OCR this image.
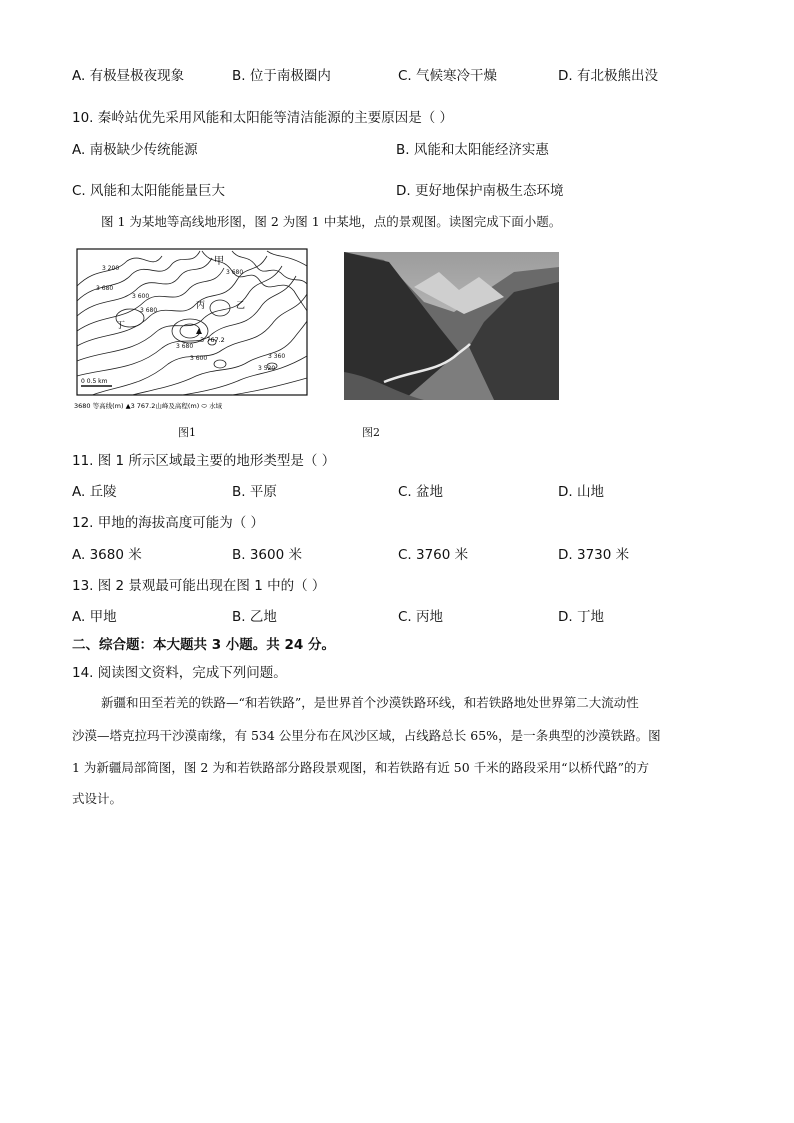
A. 有极昼极夜现象	B. 位于南极圈内	C. 气候寒冷干燥	D. 有北极熊出没
10. 秦岭站优先采用风能和太阳能等清洁能源的主要原因是（ ）
A. 南极缺少传统能源	B. 风能和太阳能经济实惠
C. 风能和太阳能能量巨大	D. 更好地保护南极生态环境
图 1 为某地等高线地形图，图 2 为图 1 中某地，点的景观图。读图完成下面小题。
甲
乙
丙
丁
3 200
3 680
3 600
3 680
3 680
3 600
3 680
3 520
3 360
3 767.2
0 0.5 km
3680 等高线(m) ▲3 767.2山峰及高程(m) ⬭ 水域
图1	图2
11. 图 1 所示区域最主要的地形类型是（ ）
A. 丘陵	B. 平原	C. 盆地	D. 山地
12. 甲地的海拔高度可能为（ ）
A. 3680 米	B. 3600 米	C. 3760 米	D. 3730 米
13. 图 2 景观最可能出现在图 1 中的（ ）
A. 甲地	B. 乙地	C. 丙地	D. 丁地
二、综合题：本大题共 3 小题。共 24 分。
14. 阅读图文资料，完成下列问题。
新疆和田至若羌的铁路—“和若铁路”，是世界首个沙漠铁路环线，和若铁路地处世界第二大流动性
沙漠—塔克拉玛干沙漠南缘，有 534 公里分布在风沙区域，占线路总长 65%，是一条典型的沙漠铁路。图
1 为新疆局部简图，图 2 为和若铁路部分路段景观图，和若铁路有近 50 千米的路段采用“以桥代路”的方
式设计。
